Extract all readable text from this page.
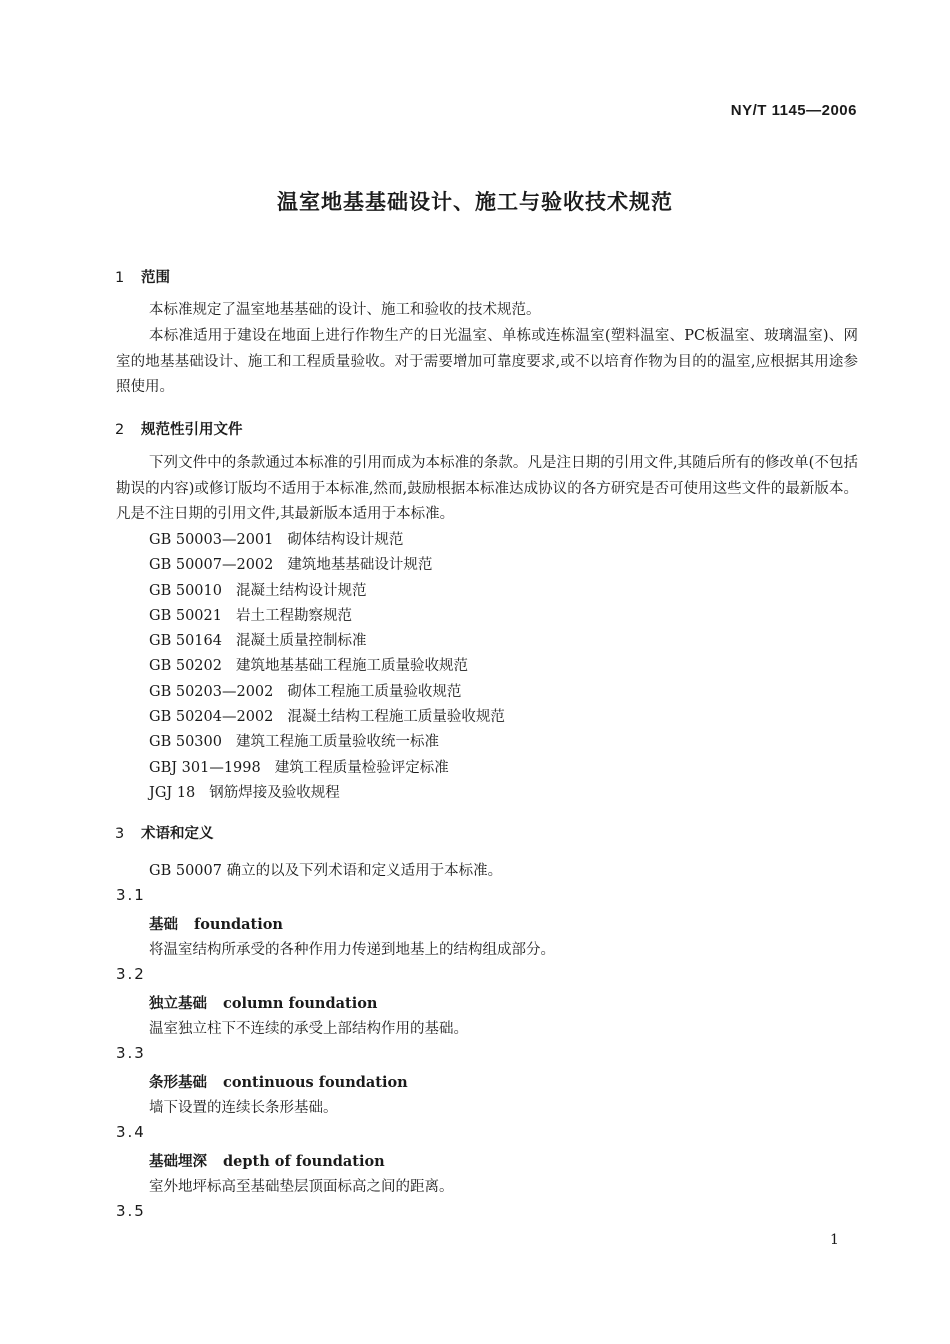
NY/T 1145—2006
温室地基基础设计、施工与验收技术规范
1 范围
本标准规定了温室地基基础的设计、施工和验收的技术规范。
本标准适用于建设在地面上进行作物生产的日光温室、单栋或连栋温室(塑料温室、PC板温室、玻璃温室)、网室的地基基础设计、施工和工程质量验收。对于需要增加可靠度要求,或不以培育作物为目的的温室,应根据其用途参照使用。
2 规范性引用文件
下列文件中的条款通过本标准的引用而成为本标准的条款。凡是注日期的引用文件,其随后所有的修改单(不包括勘误的内容)或修订版均不适用于本标准,然而,鼓励根据本标准达成协议的各方研究是否可使用这些文件的最新版本。凡是不注日期的引用文件,其最新版本适用于本标准。
GB 50003—2001 砌体结构设计规范
GB 50007—2002 建筑地基基础设计规范
GB 50010 混凝土结构设计规范
GB 50021 岩土工程勘察规范
GB 50164 混凝土质量控制标准
GB 50202 建筑地基基础工程施工质量验收规范
GB 50203—2002 砌体工程施工质量验收规范
GB 50204—2002 混凝土结构工程施工质量验收规范
GB 50300 建筑工程施工质量验收统一标准
GBJ 301—1998 建筑工程质量检验评定标准
JGJ 18 钢筋焊接及验收规程
3 术语和定义
GB 50007 确立的以及下列术语和定义适用于本标准。
3.1
基础 foundation
将温室结构所承受的各种作用力传递到地基上的结构组成部分。
3.2
独立基础 column foundation
温室独立柱下不连续的承受上部结构作用的基础。
3.3
条形基础 continuous foundation
墙下设置的连续长条形基础。
3.4
基础埋深 depth of foundation
室外地坪标高至基础垫层顶面标高之间的距离。
3.5
1
